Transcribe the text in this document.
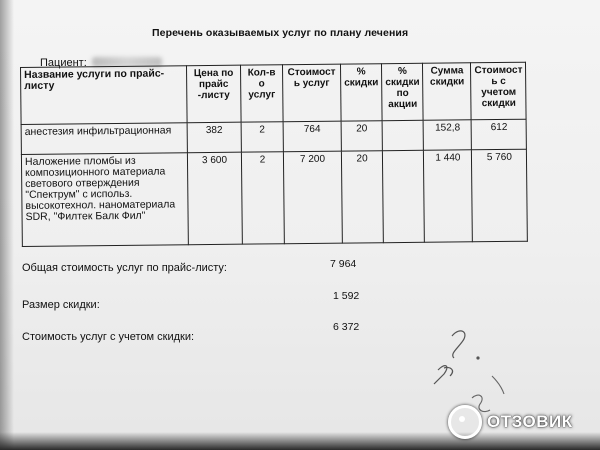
Перечень оказываемых услуг по плану лечения
Пациент:
Название услуги по прайс-листу	Цена по прайс -листу	Кол-в о услуг	Стоимост ь услуг	% скидки	% скидки по акции	Сумма скидки	Стоимост ь с учетом скидки
анестезия инфильтрационная	382	2	764	20		152,8	612
Наложение пломбы из композиционного материала светового отверждения "Спектрум" с использ. высокотехнол. наноматериала SDR, "Филтек Балк Фил"	3 600	2	7 200	20		1 440	5 760
Общая стоимость услуг по прайс-листу:	7 964
Размер скидки:
1 592
Стоимость услуг с учетом скидки:
6 372
ОТЗОВИК
